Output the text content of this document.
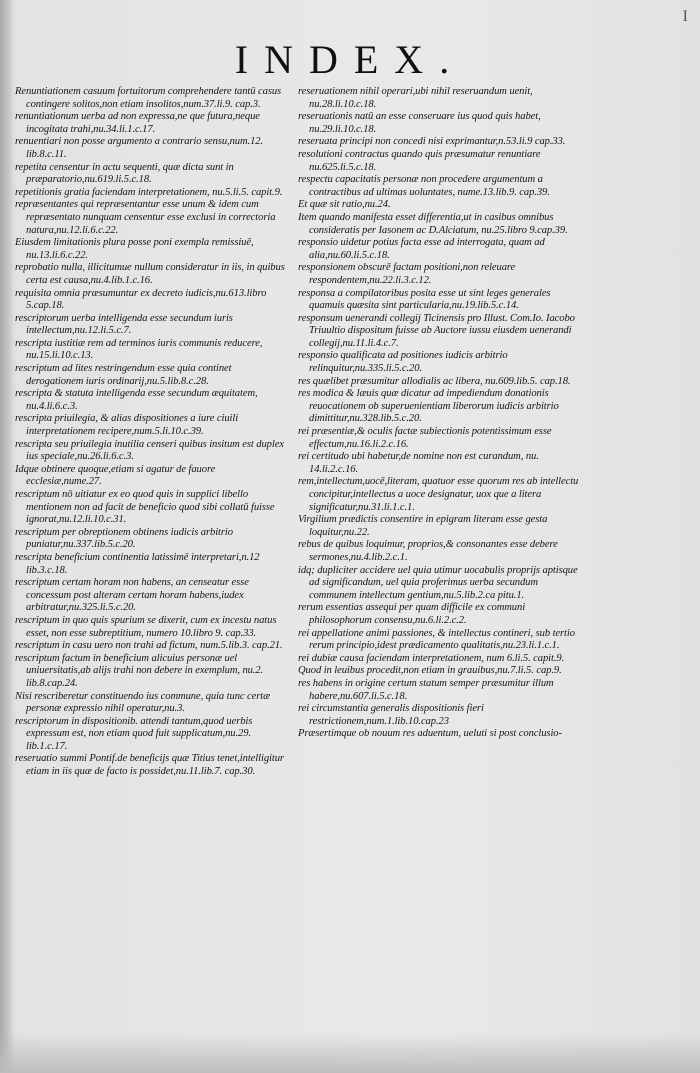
I
INDEX.

Renuntiationem casuum fortuitorum comprehendere tantū casus contingere solitos,non etiam insolitos,num.37.li.9. cap.3.

renuntiationum uerba ad non expressa,ne que futura,neque incogitata trahi,nu.34.li.1.c.17.

renuentiari non posse argumento a contrario sensu,num.12. lib.8.c.11.

repetita censentur in actu sequenti, quæ dicta sunt in præparatorio,nu.619.li.5.c.18.

repetitionis gratia faciendam interpretationem, nu.5.li.5. capit.9.

repræsentantes qui repræsentantur esse unum & idem cum repræsentato nunquam censentur esse exclusi in correctoria natura,nu.12.li.6.c.22.

Eiusdem limitationis plura posse poni exempla remissiuē, nu.13.li.6.c.22.

reprobatio nulla, illicitumue nullum consideratur in iis, in quibus certa est causa,nu.4.lib.1.c.16.

requisita omnia præsumuntur ex decreto iudicis,nu.613.libro 5.cap.18.

rescriptorum uerba intelligenda esse secundum iuris intellectum,nu.12.li.5.c.7.

rescripta iustitiæ rem ad terminos iuris communis reducere, nu.15.li.10.c.13.

rescriptum ad lites restringendum esse quia continet derogationem iuris ordinarij,nu.5.lib.8.c.28.

rescripta & statuta intelligenda esse secundum æquitatem, nu.4.li.6.c.3.

rescripta priuilegia, & alias dispositiones a iure ciuili interpretationem recipere,num.5.li.10.c.39.

rescripta seu priuilegia inutilia censeri quibus insitum est duplex ius speciale,nu.26.li.6.c.3.

Idque obtinere quoque,etiam si agatur de fauore ecclesiæ,nume.27.

rescriptum nō uitiatur ex eo quod quis in supplici libello mentionem non ad facit de beneficio quod sibi collatū fuisse ignorat,nu.12.li.10.c.31.

rescriptum per obreptionem obtinens iudicis arbitrio puniatur,nu.337.lib.5.c.20.

rescripta beneficium continentia latissimē interpretari,n.12 lib.3.c.18.

rescriptum certam horam non habens, an censeatur esse concessum post alteram certam horam habens,iudex arbitratur,nu.325.li.5.c.20.

rescriptum in quo quis spurium se dixerit, cum ex incestu natus esset, non esse subreptitium, numero 10.libro 9. cap.33.

rescriptum in casu uero non trahi ad fictum, num.5.lib.3. cap.21.

rescriptum factum in beneficium alicuius personæ uel uniuersitatis,ab alijs trahi non debere in exemplum, nu.2. lib.8.cap.24.

Nisi rescriberetur constituendo ius commune, quia tunc certæ personæ expressio nihil operatur,nu.3.

rescriptorum in dispositionib. attendi tantum,quod uerbis expressum est, non etiam quod fuit supplicatum,nu.29. lib.1.c.17.

reseruatio summi Pontif.de beneficijs quæ Titius tenet,intelligitur etiam in iis quæ de facto is possidet,nu.11.lib.7. cap.30.

reseruationem nihil operari,ubi nihil reseruandum uenit, nu.28.li.10.c.18.

reseruationis natū an esse conseruare ius quod quis habet, nu.29.li.10.c.18.

reseruata principi non concedi nisi exprimantur,n.53.li.9 cap.33.

resolutioni contractus quando quis præsumatur renuntiare nu.625.li.5.c.18.

respectu capacitatis personæ non procedere argumentum a contractibus ad ultimas uoluntates, nume.13.lib.9. cap.39.

Et quæ sit ratio,nu.24.

Item quando manifesta esset differentia,ut in casibus omnibus consideratis per Iasonem ac D.Alciatum, nu.25.libro 9.cap.39.

responsio uidetur potius facta esse ad interrogata, quam ad alia,nu.60.li.5.c.18.

responsionem obscurē factam positioni,non releuare respondentem,nu.22.li.3.c.12.

responsa a compilatoribus posita esse ut sint leges generales quamuis quæsita sint particularia,nu.19.lib.5.c.14.

responsum uenerandi collegij Ticinensis pro Illust. Com.Io. Iacobo Triuultio dispositum fuisse ab Auctore iussu eiusdem uenerandi collegij,nu.11.li.4.c.7.

responsio qualificata ad positiones iudicis arbitrio relinquitur,nu.335.li.5.c.20.

res quælibet præsumitur allodialis ac libera, nu.609.lib.5. cap.18.

res modica & læuis quæ dicatur ad impediendum donationis reuocationem ob superuenientiam liberorum iudicis arbitrio dimittitur,nu.328.lib.5.c.20.

rei præsentiæ,& oculis factæ subiectionis potentissimum esse effectum,nu.16.li.2.c.16.

rei certitudo ubi habetur,de nomine non est curandum, nu. 14.li.2.c.16.

rem,intellectum,uocē,literam, quatuor esse quorum res ab intellectu concipitur,intellectus a uoce designatur, uox que a litera significatur,nu.31.li.1.c.1.

Virgilium prædictis consentire in epigram literam esse gesta loquitur,nu.22.

rebus de quibus loquimur, proprios,& consonantes esse debere sermones,nu.4.lib.2.c.1.

idq; dupliciter accidere uel quia utimur uocabulis proprijs aptisque ad significandum, uel quia proferimus uerba secundum communem intellectum gentium,nu.5.lib.2.ca pitu.1.

rerum essentias assequi per quam difficile ex communi philosophorum consensu,nu.6.li.2.c.2.

rei appellatione animi passiones, & intellectus contineri, sub tertio rerum principio,idest prædicamento qualitatis,nu.23.li.1.c.1.

rei dubiæ causa faciendam interpretationem, num 6.li.5. capit.9.

Quod in leuibus procedit,non etiam in grauibus,nu.7.li.5. cap.9.

res habens in origine certum statum semper præsumitur illum habere,nu.607.li.5.c.18.

rei circumstantia generalis dispositionis fieri restrictionem,num.1.lib.10.cap.23

Præsertimque ob nouum res aduentum, ueluti si post conclusio-
